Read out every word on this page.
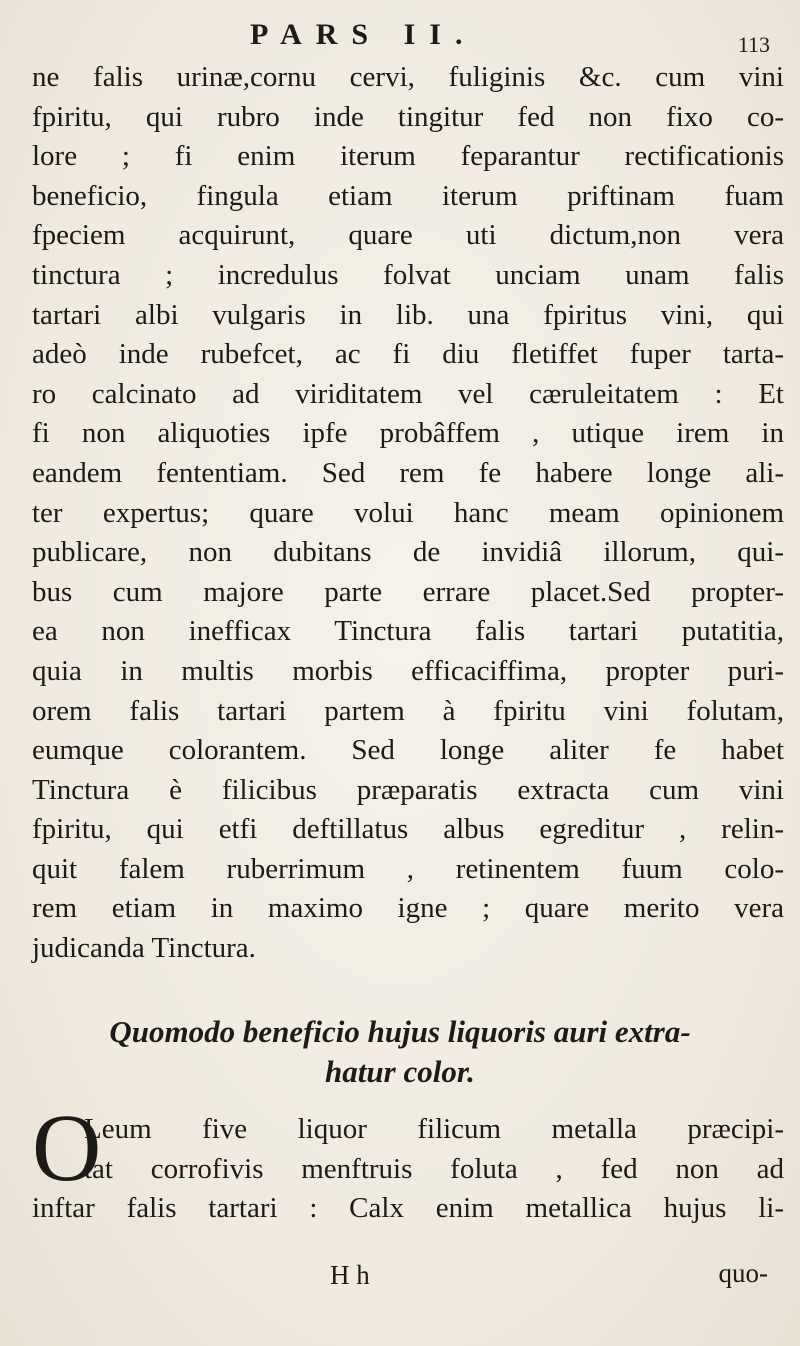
PARS II.	113
ne falis urinæ,cornu cervi, fuliginis &c. cum vini
fpiritu, qui rubro inde tingitur fed non fixo co-
lore ; fi enim iterum feparantur rectificationis
beneficio, fingula etiam iterum priftinam fuam
fpeciem acquirunt, quare uti dictum,non vera
tinctura ; incredulus folvat unciam unam falis
tartari albi vulgaris in lib. una fpiritus vini, qui
adeò inde rubefcet, ac fi diu fletiffet fuper tarta-
ro calcinato ad viriditatem vel cæruleitatem : Et
fi non aliquoties ipfe probâffem , utique irem in
eandem fententiam. Sed rem fe habere longe ali-
ter expertus; quare volui hanc meam opinionem
publicare, non dubitans de invidiâ illorum, qui-
bus cum majore parte errare placet.Sed propter-
ea non inefficax Tinctura falis tartari putatitia,
quia in multis morbis efficaciffima, propter puri-
orem falis tartari partem à fpiritu vini folutam,
eumque colorantem. Sed longe aliter fe habet
Tinctura è filicibus præparatis extracta cum vini
fpiritu, qui etfi deftillatus albus egreditur , relin-
quit falem ruberrimum , retinentem fuum colo-
rem etiam in maximo igne ; quare merito vera
judicanda Tinctura.
Quomodo beneficio hujus liquoris auri extra-
hatur color.
O
Leum five liquor filicum metalla præcipi-
tat corrofivis menftruis foluta , fed non ad
inftar falis tartari : Calx enim metallica hujus li-
H h	quo-
